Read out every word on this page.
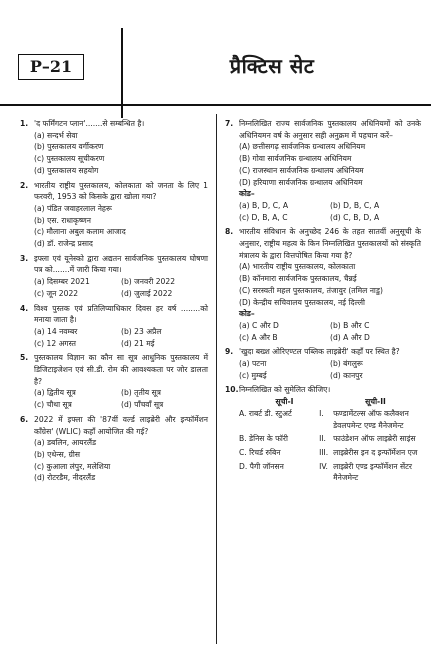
P–21	प्रैक्टिस सेट
1. 'द फर्मिंगटन प्लान'.......से सम्बन्धित है।
(a) सन्दर्भ सेवा
(b) पुस्तकालय वर्गीकरण
(c) पुस्तकालय सूचीकरण
(d) पुस्तकालय सहयोग
2. भारतीय राष्ट्रीय पुस्तकालय, कोलकाता को जनता के लिए 1 फरवरी, 1953 को किसके द्वारा खोला गया?
(a) पंडित जवाहरलाल नेहरू
(b) एस. राधाकृष्णन
(c) मौलाना अबुल कलाम आजाद
(d) डॉ. राजेन्द्र प्रसाद
3. इफ्ला एवं यूनेस्को द्वारा अद्यतन सार्वजनिक पुस्तकालय घोषणा पत्र को.......में जारी किया गया।
(a) दिसम्बर 2021	(b) जनवरी 2022
(c) जून 2022	(d) जुलाई 2022
4. विश्व पुस्तक एवं प्रतिलिप्याधिकार दिवस हर वर्ष ........को मनाया जाता है।
(a) 14 नवम्बर	(b) 23 अप्रैल
(c) 12 अगस्त	(d) 21 मई
5. पुस्तकालय विज्ञान का कौन सा सूत्र आधुनिक पुस्तकालय में डिजिटाइजेशन एवं सी.डी. रोम की आवश्यकता पर जोर डालता है?
(a) द्वितीय सूत्र	(b) तृतीय सूत्र
(c) चौथा सूत्र	(d) पाँचवाँ सूत्र
6. 2022 में इफ्ला की '87वीं वर्ल्ड लाइब्रेरी और इन्फॉर्मेशन काँग्रेस' (WLIC) कहाँ आयोजित की गई?
(a) डबलिन, आयरलैंड
(b) एथेन्स, ग्रीस
(c) कुआला लंपुर, मलेशिया
(d) रोटरडैम, नीदरलैंड
7. निम्नलिखित राज्य सार्वजनिक पुस्तकालय अधिनियमों को उनके अधिनियमन वर्ष के अनुसार सही अनुक्रम में पहचान करें–
(A) छत्तीसगढ़ सार्वजनिक ग्रन्थालय अधिनियम
(B) गोवा सार्वजनिक ग्रन्थालय अधिनियम
(C) राजस्थान सार्वजनिक ग्रन्थालय अधिनियम
(D) हरियाणा सार्वजनिक ग्रन्थालय अधिनियम
कोड–
(a) B, D, C, A	(b) D, B, C, A
(c) D, B, A, C	(d) C, B, D, A
8. भारतीय संविधान के अनुच्छेद 246 के तहत सातवीं अनुसूची के अनुसार, राष्ट्रीय महत्व के किन निम्नलिखित पुस्तकालयों को संस्कृति मंत्रालय के द्वारा वित्तपोषित किया गया है?
(A) भारतीय राष्ट्रीय पुस्तकालय, कोलकाता
(B) कॉनमारा सार्वजनिक पुस्तकालय, चैन्नई
(C) सरस्वती महल पुस्तकालय, तंजावुर (तमिल नाडु)
(D) केन्द्रीय सचिवालय पुस्तकालय, नई दिल्ली
कोड–
(a) C और D	(b) B और C
(c) A और B	(d) A और D
9. 'खुदा बख्श ओरिएण्टल पब्लिक लाइब्रेरी' कहाँ पर स्थित है?
(a) पटना	(b) बंगलुरू
(c) मुम्बई	(d) कानपुर
10. निम्नलिखित को सुमेलित कीजिए।
सूची-I	सूची-II
A. राबर्ट डी. स्टुअर्ट	I.	फण्डामेंटल्स ऑफ कलैक्शन डेवलपमेन्ट एण्ड मैनेजमेन्ट
B. डेनिस के फॉरी	II. फाउंडेशन ऑफ लाइब्रेरी साइंस
C. रिचर्ड रुबिन	III. लाइब्रेरीस इन द इन्फॉर्मेशन एज
D. पैगी जॉनसन	IV. लाइब्रेरी एण्ड इन्फॉर्मेशन सेंटर मैनेजमेन्ट
